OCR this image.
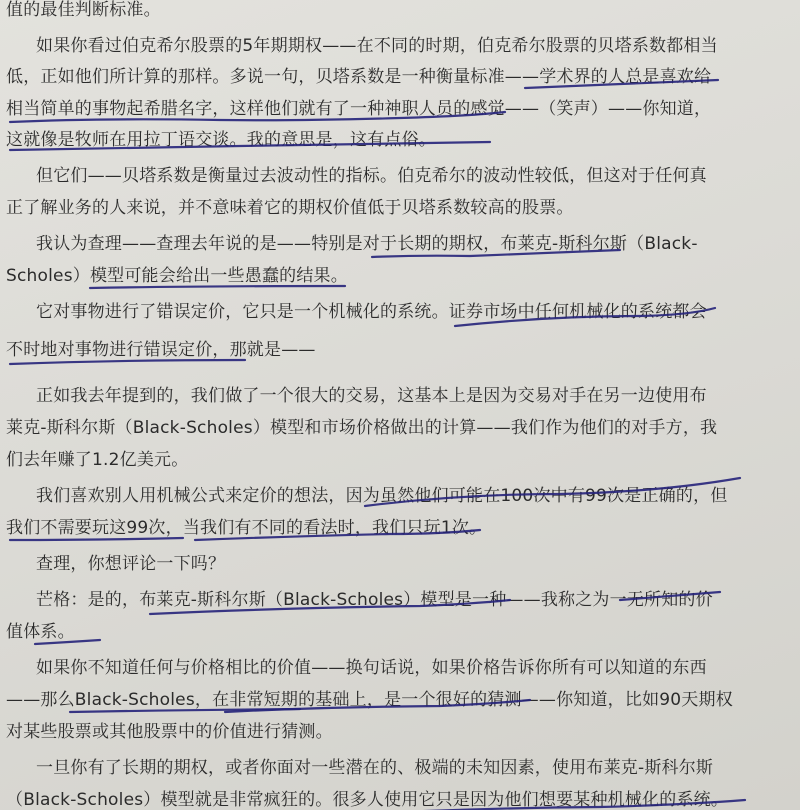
值的最佳判断标准。
如果你看过伯克希尔股票的5年期期权——在不同的时期，伯克希尔股票的贝塔系数都相当
低，正如他们所计算的那样。多说一句，贝塔系数是一种衡量标准——学术界的人总是喜欢给
相当简单的事物起希腊名字，这样他们就有了一种神职人员的感觉——（笑声）——你知道，
这就像是牧师在用拉丁语交谈。我的意思是，这有点俗。
但它们——贝塔系数是衡量过去波动性的指标。伯克希尔的波动性较低，但这对于任何真
正了解业务的人来说，并不意味着它的期权价值低于贝塔系数较高的股票。
我认为查理——查理去年说的是——特别是对于长期的期权，布莱克-斯科尔斯（Black-
Scholes）模型可能会给出一些愚蠢的结果。
它对事物进行了错误定价，它只是一个机械化的系统。证券市场中任何机械化的系统都会
不时地对事物进行错误定价，那就是——
正如我去年提到的，我们做了一个很大的交易，这基本上是因为交易对手在另一边使用布
莱克-斯科尔斯（Black-Scholes）模型和市场价格做出的计算——我们作为他们的对手方，我
们去年赚了1.2亿美元。
我们喜欢别人用机械公式来定价的想法，因为虽然他们可能在100次中有99次是正确的，但
我们不需要玩这99次，当我们有不同的看法时，我们只玩1次。
查理，你想评论一下吗？
芒格：是的，布莱克-斯科尔斯（Black-Scholes）模型是一种——我称之为一无所知的价
值体系。
如果你不知道任何与价格相比的价值——换句话说，如果价格告诉你所有可以知道的东西
——那么Black-Scholes，在非常短期的基础上，是一个很好的猜测——你知道，比如90天期权
对某些股票或其他股票中的价值进行猜测。
一旦你有了长期的期权，或者你面对一些潜在的、极端的未知因素，使用布莱克-斯科尔斯
（Black-Scholes）模型就是非常疯狂的。很多人使用它只是因为他们想要某种机械化的系统。
